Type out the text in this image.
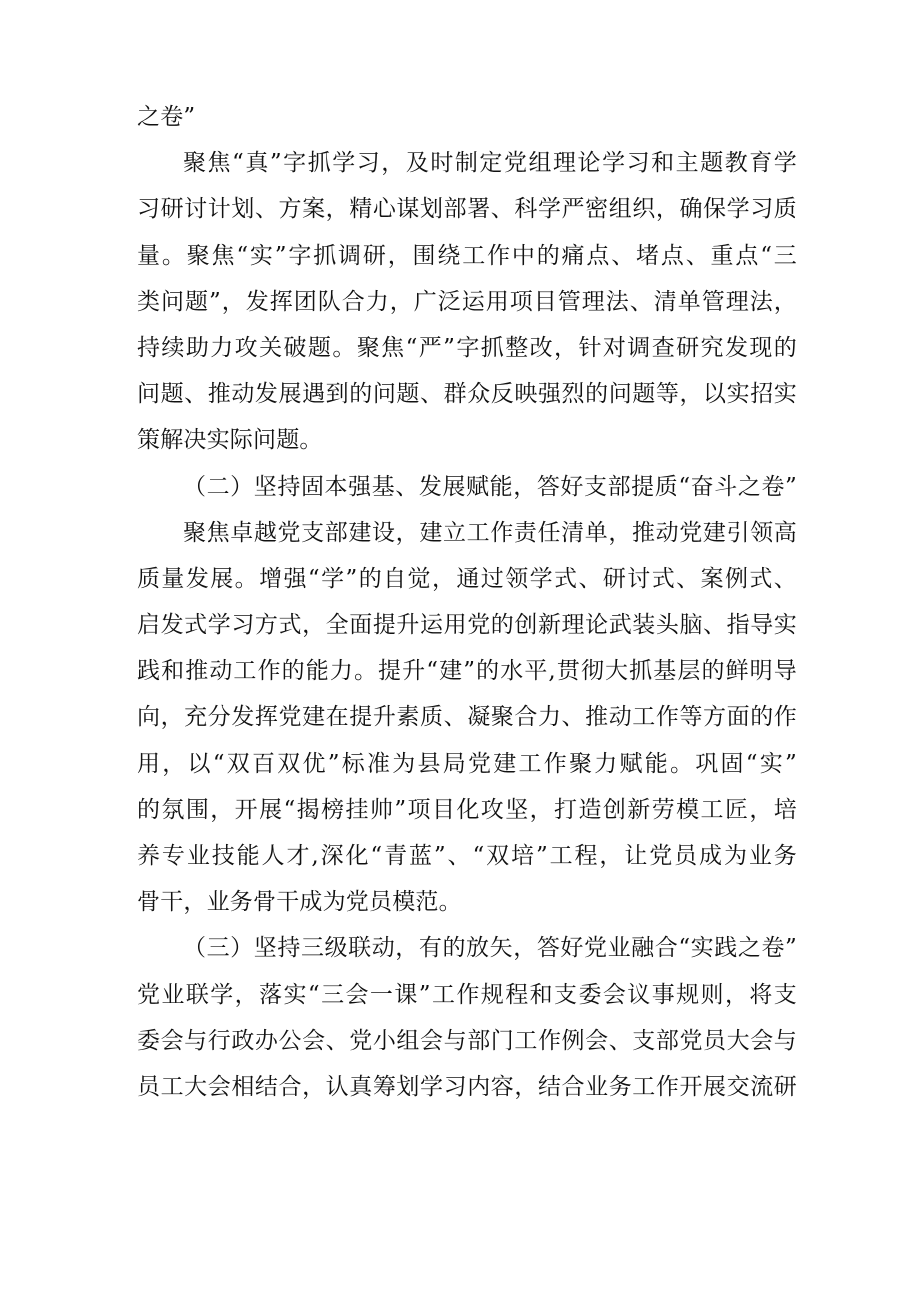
之卷”
聚焦“真”字抓学习，及时制定党组理论学习和主题教育学
习研讨计划、方案，精心谋划部署、科学严密组织，确保学习质
量。聚焦“实”字抓调研，围绕工作中的痛点、堵点、重点“三
类问题”，发挥团队合力，广泛运用项目管理法、清单管理法，
持续助力攻关破题。聚焦“严”字抓整改，针对调查研究发现的
问题、推动发展遇到的问题、群众反映强烈的问题等，以实招实
策解决实际问题。
（二）坚持固本强基、发展赋能，答好支部提质“奋斗之卷”
聚焦卓越党支部建设，建立工作责任清单，推动党建引领高
质量发展。增强“学”的自觉，通过领学式、研讨式、案例式、
启发式学习方式，全面提升运用党的创新理论武装头脑、指导实
践和推动工作的能力。提升“建”的水平,贯彻大抓基层的鲜明导
向，充分发挥党建在提升素质、凝聚合力、推动工作等方面的作
用，以“双百双优”标准为县局党建工作聚力赋能。巩固“实”
的氛围，开展“揭榜挂帅”项目化攻坚，打造创新劳模工匠，培
养专业技能人才,深化“青蓝”、“双培”工程，让党员成为业务
骨干，业务骨干成为党员模范。
（三）坚持三级联动，有的放矢，答好党业融合“实践之卷”
党业联学，落实“三会一课”工作规程和支委会议事规则，将支
委会与行政办公会、党小组会与部门工作例会、支部党员大会与
员工大会相结合，认真筹划学习内容，结合业务工作开展交流研
